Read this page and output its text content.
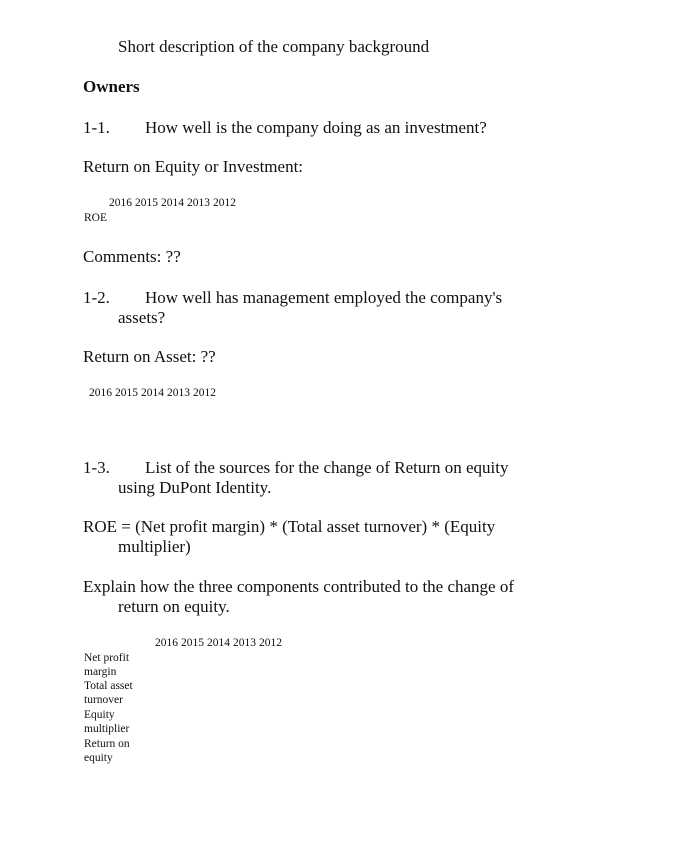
Short description of the company background
Owners
1-1. How well is the company doing as an investment?
Return on Equity or Investment:
2016 2015 2014 2013 2012
ROE
Comments: ??
1-2. How well has management employed the company's
assets?
Return on Asset: ??
2016 2015 2014 2013 2012
1-3. List of the sources for the change of Return on equity
using DuPont Identity.
ROE = (Net profit margin) * (Total asset turnover) * (Equity
multiplier)
Explain how the three components contributed to the change of
return on equity.
2016 2015 2014 2013 2012
Net profit
margin
Total asset
turnover
Equity
multiplier
Return on
equity
